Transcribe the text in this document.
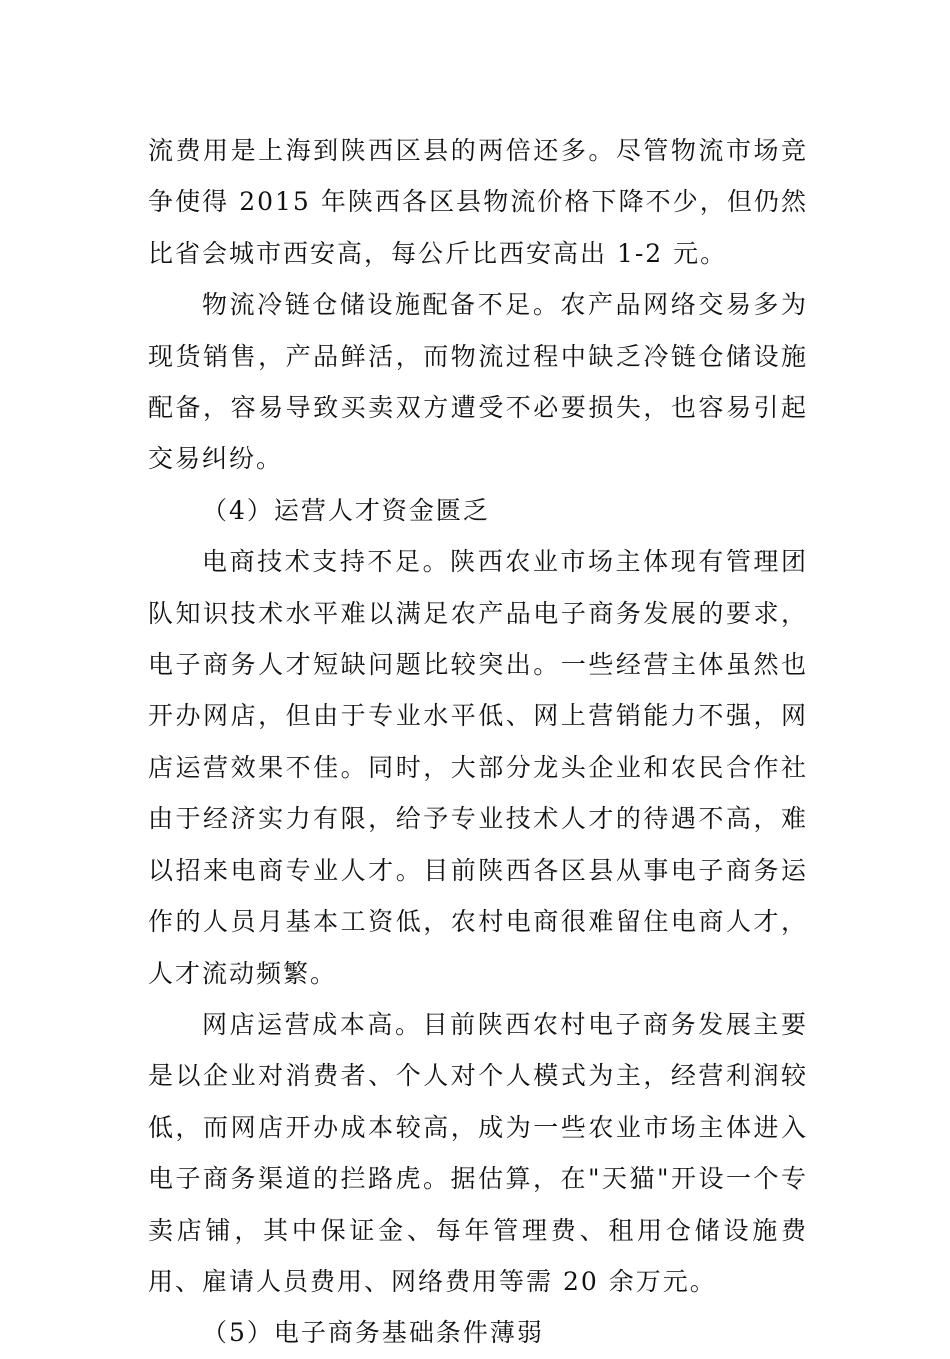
流费用是上海到陕西区县的两倍还多。尽管物流市场竞争使得 2015 年陕西各区县物流价格下降不少，但仍然比省会城市西安高，每公斤比西安高出 1-2 元。

物流冷链仓储设施配备不足。农产品网络交易多为现货销售，产品鲜活，而物流过程中缺乏冷链仓储设施配备，容易导致买卖双方遭受不必要损失，也容易引起交易纠纷。

（4）运营人才资金匮乏

电商技术支持不足。陕西农业市场主体现有管理团队知识技术水平难以满足农产品电子商务发展的要求，电子商务人才短缺问题比较突出。一些经营主体虽然也开办网店，但由于专业水平低、网上营销能力不强，网店运营效果不佳。同时，大部分龙头企业和农民合作社由于经济实力有限，给予专业技术人才的待遇不高，难以招来电商专业人才。目前陕西各区县从事电子商务运作的人员月基本工资低，农村电商很难留住电商人才，人才流动频繁。

网店运营成本高。目前陕西农村电子商务发展主要是以企业对消费者、个人对个人模式为主，经营利润较低，而网店开办成本较高，成为一些农业市场主体进入电子商务渠道的拦路虎。据估算，在"天猫"开设一个专卖店铺，其中保证金、每年管理费、租用仓储设施费用、雇请人员费用、网络费用等需 20 余万元。

（5）电子商务基础条件薄弱
